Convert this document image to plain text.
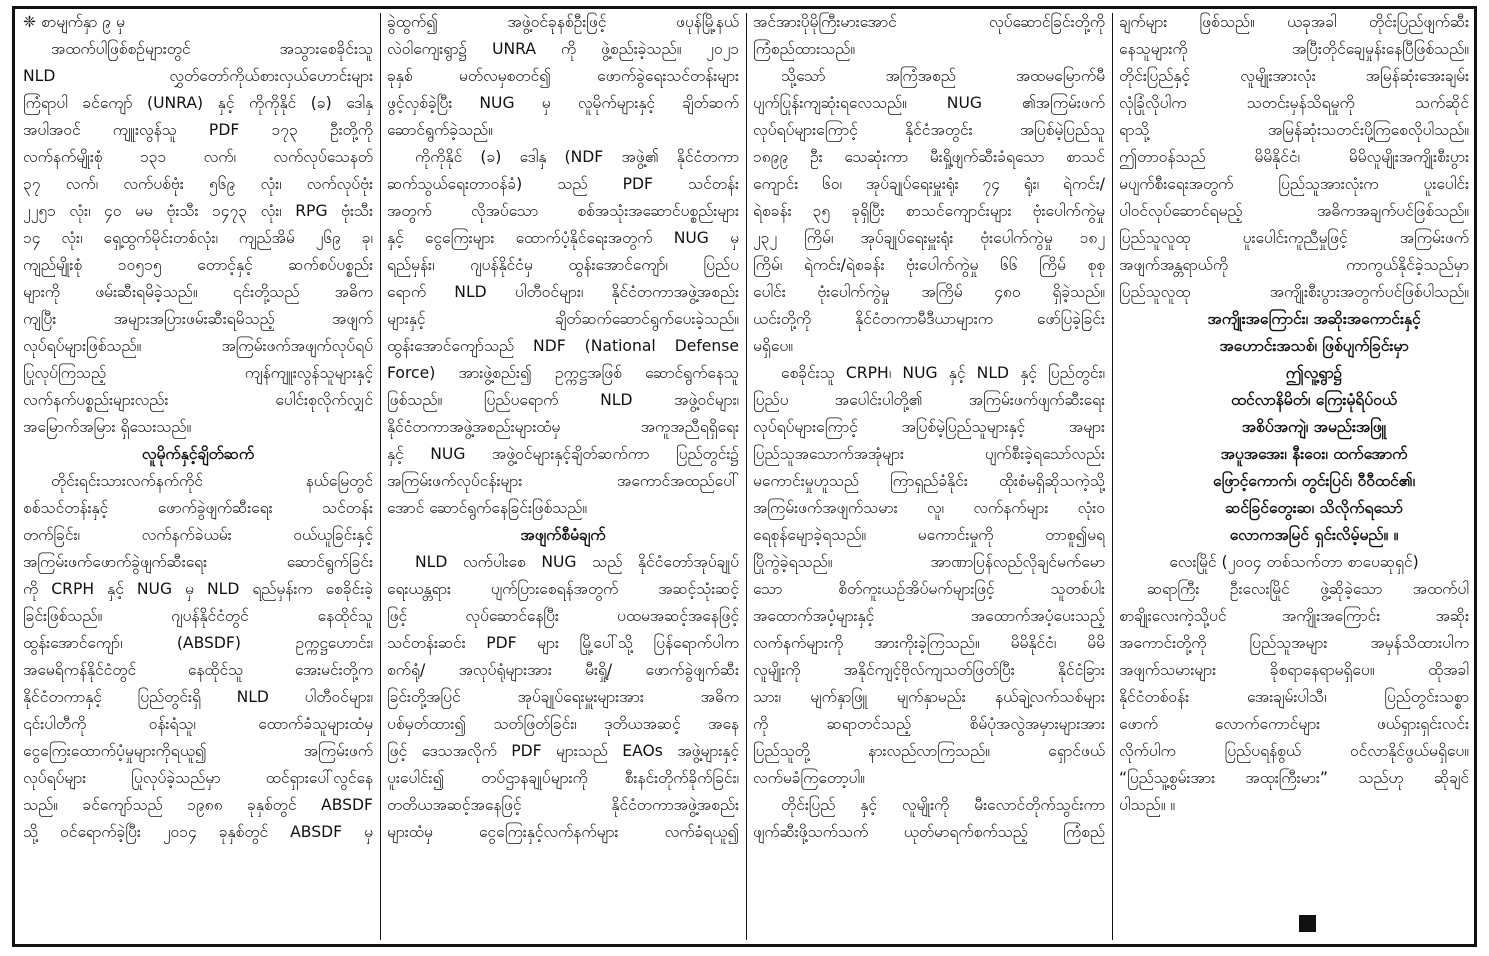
❈ စာမျက်နှာ ၉ မှ
အထက်ပါဖြစ်စဉ်များတွင် အသွားစေခိုင်းသူ
NLD လွှတ်တော်ကိုယ်စားလှယ်ဟောင်းများ
ကြံရာပါ ခင်ကျော် (UNRA) နှင့် ကိုကိုနိုင် (ခ) ဒေါနှ
အပါအဝင် ကျူးလွန်သူ PDF ၁၇၃ ဦးတို့ကို
လက်နက်မျိုးစုံ ၁၃၁ လက်၊ လက်လုပ်သေနတ်
၃၇ လက်၊ လက်ပစ်ဗုံး ၅၆၉ လုံး၊ လက်လုပ်ဗုံး
၂၂၅၁ လုံး၊ ၄၀ မမ ဗုံးသီး ၁၄၇၃ လုံး၊ RPG ဗုံးသီး
၁၄ လုံး၊ ရှေ့ထွက်မိုင်းတစ်လုံး၊ ကျည်အိမ် ၂၆၉ ခု၊
ကျည်မျိုးစုံ ၁၀၅၁၅ တောင့်နှင့် ဆက်စပ်ပစ္စည်း
များကို ဖမ်းဆီးရမိခဲ့သည်။ ၎င်းတို့သည် အဓိက
ကျပြီး အများအပြားဖမ်းဆီးရမိသည့် အဖျက်
လုပ်ရပ်များဖြစ်သည်။ အကြမ်းဖက်အဖျက်လုပ်ရပ်
ပြုလုပ်ကြသည့် ကျန်ကျူးလွန်သူများနှင့်
လက်နက်ပစ္စည်းများလည်း ပေါင်းစုလိုက်လျှင်
အမြောက်အမြား ရှိသေးသည်။
လူမိုက်နှင့်ချိတ်ဆက်
တိုင်းရင်းသားလက်နက်ကိုင် နယ်မြေတွင်
စစ်သင်တန်းနှင့် ဖောက်ခွဲဖျက်ဆီးရေး သင်တန်း
တက်ခြင်း၊ လက်နက်ခဲယမ်း ဝယ်ယူခြင်းနှင့်
အကြမ်းဖက်ဖောက်ခွဲဖျက်ဆီးရေး ဆောင်ရွက်ခြင်း
ကို CRPH နှင့် NUG မှ NLD ရည်မှန်းက စေခိုင်းခဲ့
ခြင်းဖြစ်သည်။ ဂျပန်နိုင်ငံတွင် နေထိုင်သူ
ထွန်းအောင်ကျော်၊ (ABSDF) ဥက္ကဋ္ဌဟောင်း၊
အမေရိကန်နိုင်ငံတွင် နေထိုင်သူ အေးမင်းတို့က
နိုင်ငံတကာနှင့် ပြည်တွင်းရှိ NLD ပါတီဝင်များ၊
၎င်းပါတီကို ဝန်းရံသူ၊ ထောက်ခံသူများထံမှ
ငွေကြေးထောက်ပံ့မှုများကိုရယူ၍ အကြမ်းဖက်
လုပ်ရပ်များ ပြုလုပ်ခဲ့သည်မှာ ထင်ရှားပေါ်လွင်နေ
သည်။ ခင်ကျော်သည် ၁၉၈၈ ခုနှစ်တွင် ABSDF
သို့ ဝင်ရောက်ခဲ့ပြီး ၂၀၁၄ ခုနှစ်တွင် ABSDF မှ
ခွဲထွက်၍ အဖွဲ့ဝင်ခုနစ်ဦးဖြင့် ဖပုန်မြို့နယ်
လဲဝါကျေးရွာ၌ UNRA ကို ဖွဲ့စည်းခဲ့သည်။ ၂၀၂၁
ခုနှစ် မတ်လမှစတင်၍ ဖောက်ခွဲရေးသင်တန်းများ
ဖွင့်လှစ်ခဲ့ပြီး NUG မှ လူမိုက်များနှင့် ချိတ်ဆက်
ဆောင်ရွက်ခဲ့သည်။
ကိုကိုနိုင် (ခ) ဒေါနှ (NDF အဖွဲ့၏ နိုင်ငံတကာ
ဆက်သွယ်ရေးတာဝန်ခံ) သည် PDF သင်တန်း
အတွက် လိုအပ်သော စစ်အသုံးအဆောင်ပစ္စည်းများ
နှင့် ငွေကြေးများ ထောက်ပံ့နိုင်ရေးအတွက် NUG မှ
ရည်မှန်း၊ ဂျပန်နိုင်ငံမှ ထွန်းအောင်ကျော်၊ ပြည်ပ
ရောက် NLD ပါတီဝင်များ၊ နိုင်ငံတကာအဖွဲ့အစည်း
များနှင့် ချိတ်ဆက်ဆောင်ရွက်ပေးခဲ့သည်။
ထွန်းအောင်ကျော်သည် NDF (National Defense
Force) အားဖွဲ့စည်း၍ ဥက္ကဋ္ဌအဖြစ် ဆောင်ရွက်နေသူ
ဖြစ်သည်။ ပြည်ပရောက် NLD အဖွဲ့ဝင်များ၊
နိုင်ငံတကာအဖွဲ့အစည်းများထံမှ အကူအညီရရှိရေး
နှင့် NUG အဖွဲ့ဝင်များနှင့်ချိတ်ဆက်ကာ ပြည်တွင်း၌
အကြမ်းဖက်လုပ်ငန်းများ အကောင်အထည်ပေါ်
အောင် ဆောင်ရွက်နေခြင်းဖြစ်သည်။
အဖျက်စီမံချက်
NLD လက်ပါးစေ NUG သည် နိုင်ငံတော်အုပ်ချုပ်
ရေးယန္တရား ပျက်ပြားစေရန်အတွက် အဆင့်သုံးဆင့်
ဖြင့် လုပ်ဆောင်နေပြီး ပထမအဆင့်အနေဖြင့်
သင်တန်းဆင်း PDF များ မြို့ပေါ်သို့ ပြန်ရောက်ပါက
စက်ရုံ/ အလုပ်ရုံများအား မီးရှို့/ ဖောက်ခွဲဖျက်ဆီး
ခြင်းတို့အပြင် အုပ်ချုပ်ရေးမှူးများအား အဓိက
ပစ်မှတ်ထား၍ သတ်ဖြတ်ခြင်း၊ ဒုတိယအဆင့် အနေ
ဖြင့် ဒေသအလိုက် PDF များသည် EAOs အဖွဲ့များနှင့်
ပူးပေါင်း၍ တပ်ဌာနချုပ်များကို စီးနင်းတိုက်ခိုက်ခြင်း၊
တတိယအဆင့်အနေဖြင့် နိုင်ငံတကာအဖွဲ့အစည်း
များထံမှ ငွေကြေးနှင့်လက်နက်များ လက်ခံရယူ၍
အင်အားပိုမိုကြီးမားအောင် လုပ်ဆောင်ခြင်းတို့ကို
ကြံစည်ထားသည်။
သို့သော် အကြံအစည် အထမမြောက်မီ
ပျက်ပြုန်းကျဆုံးရလေသည်။ NUG ၏အကြမ်းဖက်
လုပ်ရပ်များကြောင့် နိုင်ငံအတွင်း အပြစ်မဲ့ပြည်သူ
၁၈၉၉ ဦး သေဆုံးကာ မီးရှို့ဖျက်ဆီးခံရသော စာသင်
ကျောင်း ၆၀၊ အုပ်ချုပ်ရေးမှူးရုံး ၇၄ ရုံး၊ ရဲကင်း/
ရဲစခန်း ၃၅ ခုရှိပြီး စာသင်ကျောင်းများ ဗုံးပေါက်ကွဲမှု
၂၃၂ ကြိမ်၊ အုပ်ချုပ်ရေးမှူးရုံး ဗုံးပေါက်ကွဲမှု ၁၈၂
ကြိမ်၊ ရဲကင်း/ရဲစခန်း ဗုံးပေါက်ကွဲမှု ၆၆ ကြိမ် စုစု
ပေါင်း ဗုံးပေါက်ကွဲမှု အကြိမ် ၄၈၀ ရှိခဲ့သည်။
ယင်းတို့ကို နိုင်ငံတကာမီဒီယာများက ဖော်ပြခဲ့ခြင်း
မရှိပေ။
စေခိုင်းသူ CRPH၊ NUG နှင့် NLD နှင့် ပြည်တွင်း၊
ပြည်ပ အပေါင်းပါတို့၏ အကြမ်းဖက်ဖျက်ဆီးရေး
လုပ်ရပ်များကြောင့် အပြစ်မဲ့ပြည်သူများနှင့် အများ
ပြည်သူအသောက်အအုံများ ပျက်စီးခဲ့ရသော်လည်း
မကောင်းမှုဟူသည် ကြာရှည်ခံနိုင်း ထိုးစံမရှိဆိုသကဲ့သို့
အကြမ်းဖက်အဖျက်သမား လူ၊ လက်နက်များ လုံးဝ
ရေစုန်မျောခဲ့ရသည်။ မကောင်းမှုကို တာစူ၍မရ
ပြိုကွဲခဲ့ရသည်။ အာဏာပြန်လည်လိုချင်မက်မော
သော စိတ်ကူးယဉ်အိပ်မက်များဖြင့် သူတစ်ပါး
အထောက်အပံ့များနှင့် အထောက်အပံ့ပေးသည့်
လက်နက်များကို အားကိုးခဲ့ကြသည်။ မိမိနိုင်ငံ၊ မိမိ
လူမျိုးကို အနိုင်ကျင့်ဗိုလ်ကျသတ်ဖြတ်ပြီး နိုင်ငံခြား
သား၊ မျက်နှာဖြူ မျက်နှာမည်း နယ်ချဲ့လက်သစ်များ
ကို ဆရာတင်သည့် စိမ်ပုံအလွဲအမှားများအား
ပြည်သူတို့ နားလည်လာကြသည်။ ရှောင်ဖယ်
လက်မခံကြတော့ပါ။
တိုင်းပြည် နှင့် လူမျိုးကို မီးလောင်တိုက်သွင်းကာ
ဖျက်ဆီးဖို့သက်သက် ယုတ်မာရက်စက်သည့် ကြံစည်
ချက်များ ဖြစ်သည်။ ယခုအခါ တိုင်းပြည်ဖျက်ဆီး
နေသူများကို အပြီးတိုင်ချေမှုန်းနေပြီဖြစ်သည်။
တိုင်းပြည်နှင့် လူမျိုးအားလုံး အမြန်ဆုံးအေးချမ်း
လုံခြုံလိုပါက သတင်းမှန်သိရမှုကို သက်ဆိုင်
ရာသို့ အမြန်ဆုံးသတင်းပို့ကြစေလိုပါသည်။
ဤတာဝန်သည် မိမိနိုင်ငံ၊ မိမိလူမျိုးအကျိုးစီးပွား
မပျက်စီးရေးအတွက် ပြည်သူအားလုံးက ပူးပေါင်း
ပါဝင်လုပ်ဆောင်ရမည့် အဓိကအချက်ပင်ဖြစ်သည်။
ပြည်သူလူထု ပူးပေါင်းကူညီမှုဖြင့် အကြမ်းဖက်
အဖျက်အန္တရာယ်ကို ကာကွယ်နိုင်ခဲ့သည်မှာ
ပြည်သူလူထု အကျိုးစီးပွားအတွက်ပင်ဖြစ်ပါသည်။
အကျိုးအကြောင်း၊ အဆိုးအကောင်းနှင့်
အဟောင်းအသစ်၊ ဖြစ်ပျက်ခြင်းမှာ
ဤလူ့ရွာ၌
ထင်လာနိမိတ်၊ ကြေးမုံရိပ်ဝယ်
အစိပ်အကျဲ၊ အမည်းအဖြူ
အပူအအေး၊ နီးဝေး၊ ထက်အောက်
ဖြောင့်ကောက်၊ တွင်းပြင်၊ ဝီဝီထင်၏၊
ဆင်ခြင်တွေးဆ၊ သိလိုက်ရသော်
လောကအမြင် ရှင်းလိမ့်မည်။ ။
လေးမြိုင် (၂၀၀၄ တစ်သက်တာ စာပေဆုရှင်)
ဆရာကြီး ဦးလေးမြိုင် ဖွဲ့ဆိုခဲ့သော အထက်ပါ
စာချိုးလေးကဲ့သို့ပင် အကျိုးအကြောင်း အဆိုး
အကောင်းတို့ကို ပြည်သူအများ အမှန်သိထားပါက
အဖျက်သမားများ ခိုစရာနေရာမရှိပေ။ ထိုအခါ
နိုင်ငံတစ်ဝန်း အေးချမ်းပါသီ၊ ပြည်တွင်းသစ္စာ
ဖောက် လောက်ကောင်များ ဖယ်ရှားရှင်းလင်း
လိုက်ပါက ပြည်ပရန်စွယ် ဝင်လာနိုင်ဖွယ်မရှိပေ။
“ပြည်သူ့စွမ်းအား အထုးကြီးမား” သည်ဟု ဆိုချင်
ပါသည်။ ။
